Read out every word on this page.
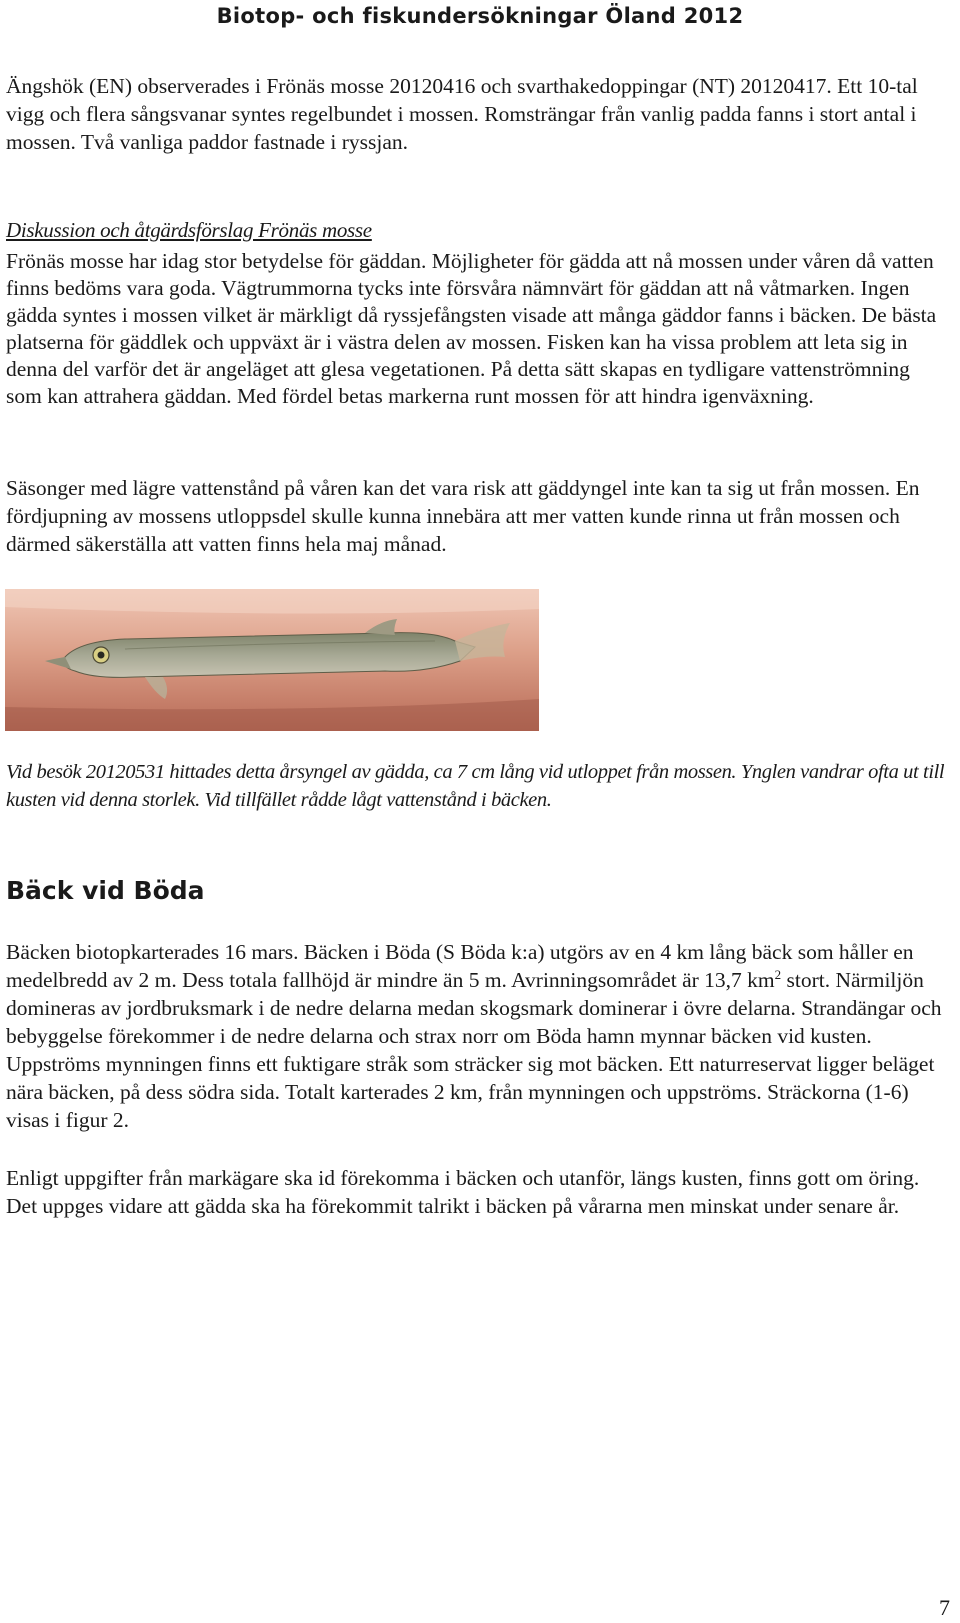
Biotop- och fiskundersökningar Öland 2012

Ängshök (EN) observerades i Frönäs mosse 20120416 och svarthakedoppingar (NT) 20120417. Ett 10-tal vigg och flera sångsvanar syntes regelbundet i mossen. Romsträngar från vanlig padda fanns i stort antal i mossen. Två vanliga paddor fastnade i ryssjan.

Diskussion och åtgärdsförslag Frönäs mosse

Frönäs mosse har idag stor betydelse för gäddan. Möjligheter för gädda att nå mossen under våren då vatten finns bedöms vara goda. Vägtrummorna tycks inte försvåra nämnvärt för gäddan att nå våtmarken. Ingen gädda syntes i mossen vilket är märkligt då ryssjefångsten visade att många gäddor fanns i bäcken. De bästa platserna för gäddlek och uppväxt är i västra delen av mossen. Fisken kan ha vissa problem att leta sig in denna del varför det är angeläget att glesa vegetationen. På detta sätt skapas en tydligare vattenströmning som kan attrahera gäddan. Med fördel betas markerna runt mossen för att hindra igenväxning.

Säsonger med lägre vattenstånd på våren kan det vara risk att gäddyngel inte kan ta sig ut från mossen. En fördjupning av mossens utloppsdel skulle kunna innebära att mer vatten kunde rinna ut från mossen och därmed säkerställa att vatten finns hela maj månad.

Vid besök 20120531 hittades detta årsyngel av gädda, ca 7 cm lång vid utloppet från mossen. Ynglen vandrar ofta ut till kusten vid denna storlek. Vid tillfället rådde lågt vattenstånd i bäcken.
Bäck vid Böda

Bäcken biotopkarterades 16 mars. Bäcken i Böda (S Böda k:a) utgörs av en 4 km lång bäck som håller en medelbredd av 2 m. Dess totala fallhöjd är mindre än 5 m. Avrinningsområdet är 13,7 $km^2$ stort. Närmiljön domineras av jordbruksmark i de nedre delarna medan skogsmark dominerar i övre delarna. Strandängar och bebyggelse förekommer i de nedre delarna och strax norr om Böda hamn mynnar bäcken vid kusten. Uppströms mynningen finns ett fuktigare stråk som sträcker sig mot bäcken. Ett naturreservat ligger beläget nära bäcken, på dess södra sida. Totalt karterades 2 km, från mynningen och uppströms. Sträckorna (1-6) visas i figur 2.

Enligt uppgifter från markägare ska id förekomma i bäcken och utanför, längs kusten, finns gott om öring. Det uppges vidare att gädda ska ha förekommit talrikt i bäcken på vårarna men minskat under senare år.

7
